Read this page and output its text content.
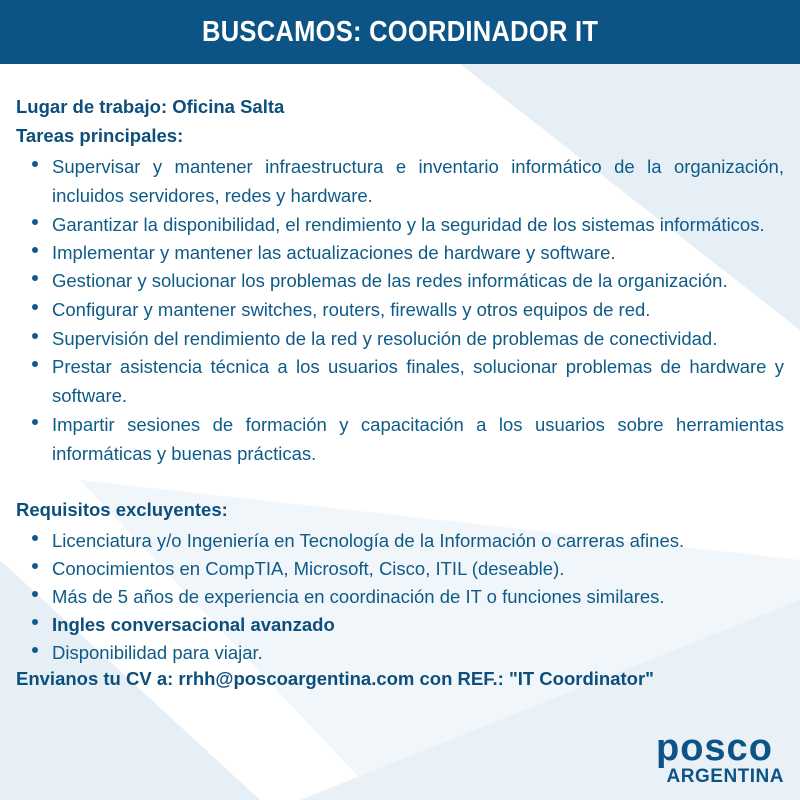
BUSCAMOS: COORDINADOR IT
Lugar de trabajo: Oficina Salta
Tareas principales:
Supervisar y mantener infraestructura e inventario informático de la organización, incluidos servidores, redes y hardware.
Garantizar la disponibilidad, el rendimiento y la seguridad de los sistemas informáticos.
Implementar y mantener las actualizaciones de hardware y software.
Gestionar y solucionar los problemas de las redes informáticas de la organización.
Configurar y mantener switches, routers, firewalls y otros equipos de red.
Supervisión del rendimiento de la red y resolución de problemas de conectividad.
Prestar asistencia técnica a los usuarios finales, solucionar problemas de hardware y software.
Impartir sesiones de formación y capacitación a los usuarios sobre herramientas informáticas y buenas prácticas.
Requisitos excluyentes:
Licenciatura y/o Ingeniería en Tecnología de la Información o carreras afines.
Conocimientos en CompTIA, Microsoft, Cisco, ITIL (deseable).
Más de 5 años de experiencia en coordinación de IT o funciones similares.
Ingles conversacional avanzado
Disponibilidad para viajar.
Envianos tu CV a: rrhh@poscoargentina.com con REF.: "IT Coordinator"
posco
ARGENTINA
